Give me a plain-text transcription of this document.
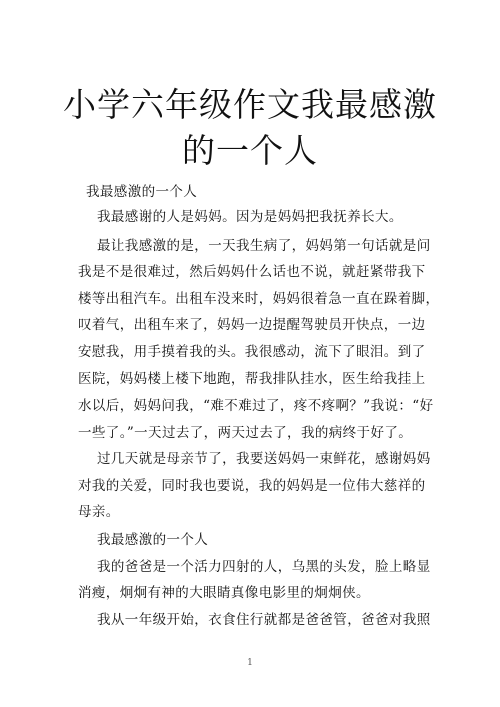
小学六年级作文我最感激
的一个人
我最感激的一个人
我最感谢的人是妈妈。因为是妈妈把我抚养长大。
最让我感激的是，一天我生病了，妈妈第一句话就是问
我是不是很难过，然后妈妈什么话也不说，就赶紧带我下
楼等出租汽车。出租车没来时，妈妈很着急一直在跺着脚，
叹着气，出租车来了，妈妈一边提醒驾驶员开快点，一边
安慰我，用手摸着我的头。我很感动，流下了眼泪。到了
医院，妈妈楼上楼下地跑，帮我排队挂水，医生给我挂上
水以后，妈妈问我，“难不难过了，疼不疼啊？”我说：“好
一些了。”一天过去了，两天过去了，我的病终于好了。
过几天就是母亲节了，我要送妈妈一束鲜花，感谢妈妈
对我的关爱，同时我也要说，我的妈妈是一位伟大慈祥的
母亲。
我最感激的一个人
我的爸爸是一个活力四射的人，乌黑的头发，脸上略显
消瘦，炯炯有神的大眼睛真像电影里的炯炯侠。
我从一年级开始，衣食住行就都是爸爸管，爸爸对我照
1
